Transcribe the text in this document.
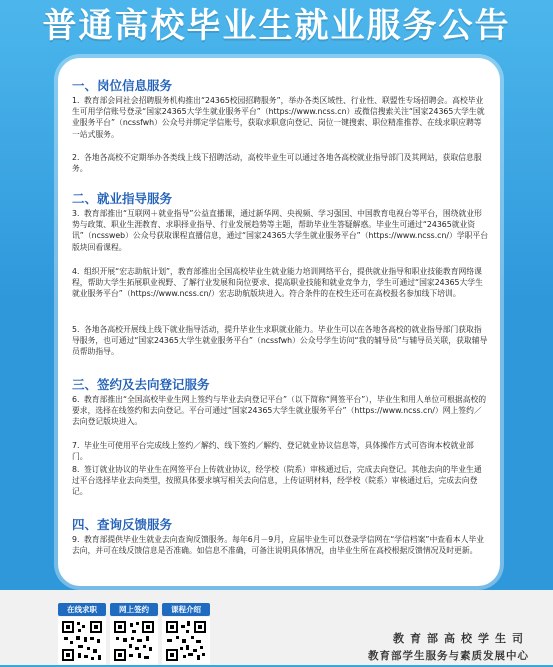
普通高校毕业生就业服务公告
一、岗位信息服务
1. 教育部会同社会招聘服务机构推出“24365校园招聘服务”，举办各类区域性、行业性、联盟性专场招聘会。高校毕业生可用学信账号登录“国家24365大学生就业服务平台”（https://www.ncss.cn）或微信搜索关注“国家24365大学生就业服务平台”（ncssfwh）公众号并绑定学信账号，获取求职意向登记、岗位一键搜索、职位精准推荐、在线求职应聘等一站式服务。
2. 各地各高校不定期举办各类线上线下招聘活动，高校毕业生可以通过各地各高校就业指导部门及其网站，获取信息服务。
二、就业指导服务
3. 教育部推出“互联网＋就业指导”公益直播课，通过新华网、央视频、学习强国、中国教育电视台等平台，围绕就业形势与政策、职业生涯教育、求职择业指导、行业发展趋势等主题，帮助毕业生答疑解惑。毕业生可通过“24365就业资讯”（ncssweb）公众号获取课程直播信息，通过“国家24365大学生就业服务平台”（https://www.ncss.cn/）学职平台版块回看课程。
4. 组织开展“宏志助航计划”，教育部推出全国高校毕业生就业能力培训网络平台，提供就业指导和职业技能教育网络课程，帮助大学生拓展职业视野、了解行业发展和岗位要求、提高职业技能和就业竞争力，学生可通过“国家24365大学生就业服务平台”（https://www.ncss.cn/）宏志助航版块进入。符合条件的在校生还可在高校报名参加线下培训。
5. 各地各高校开展线上线下就业指导活动，提升毕业生求职就业能力。毕业生可以在各地各高校的就业指导部门获取指导服务，也可通过“国家24365大学生就业服务平台”（ncssfwh）公众号学生访问“我的辅导员”与辅导员关联，获取辅导员帮助指导。
三、签约及去向登记服务
6. 教育部推出“全国高校毕业生网上签约与毕业去向登记平台”（以下简称“网签平台”），毕业生和用人单位可根据高校的要求，选择在线签约和去向登记。平台可通过“国家24365大学生就业服务平台”（https://www.ncss.cn/）网上签约／去向登记版块进入。
7. 毕业生可使用平台完成线上签约／解约、线下签约／解约、登记就业协议信息等，具体操作方式可咨询本校就业部门。
8. 签订就业协议的毕业生在网签平台上传就业协议，经学校（院系）审核通过后，完成去向登记。其他去向的毕业生通过平台选择毕业去向类型，按照具体要求填写相关去向信息，上传证明材料，经学校（院系）审核通过后，完成去向登记。
四、查询反馈服务
9. 教育部提供毕业生就业去向查询反馈服务。每年6月－9月，应届毕业生可以登录学信网在“学信档案”中查看本人毕业去向，并可在线反馈信息是否准确。如信息不准确，可备注说明具体情况，由毕业生所在高校根据反馈情况及时更新。
在线求职	网上签约	课程介绍
教育部高校学生司
教育部学生服务与素质发展中心
